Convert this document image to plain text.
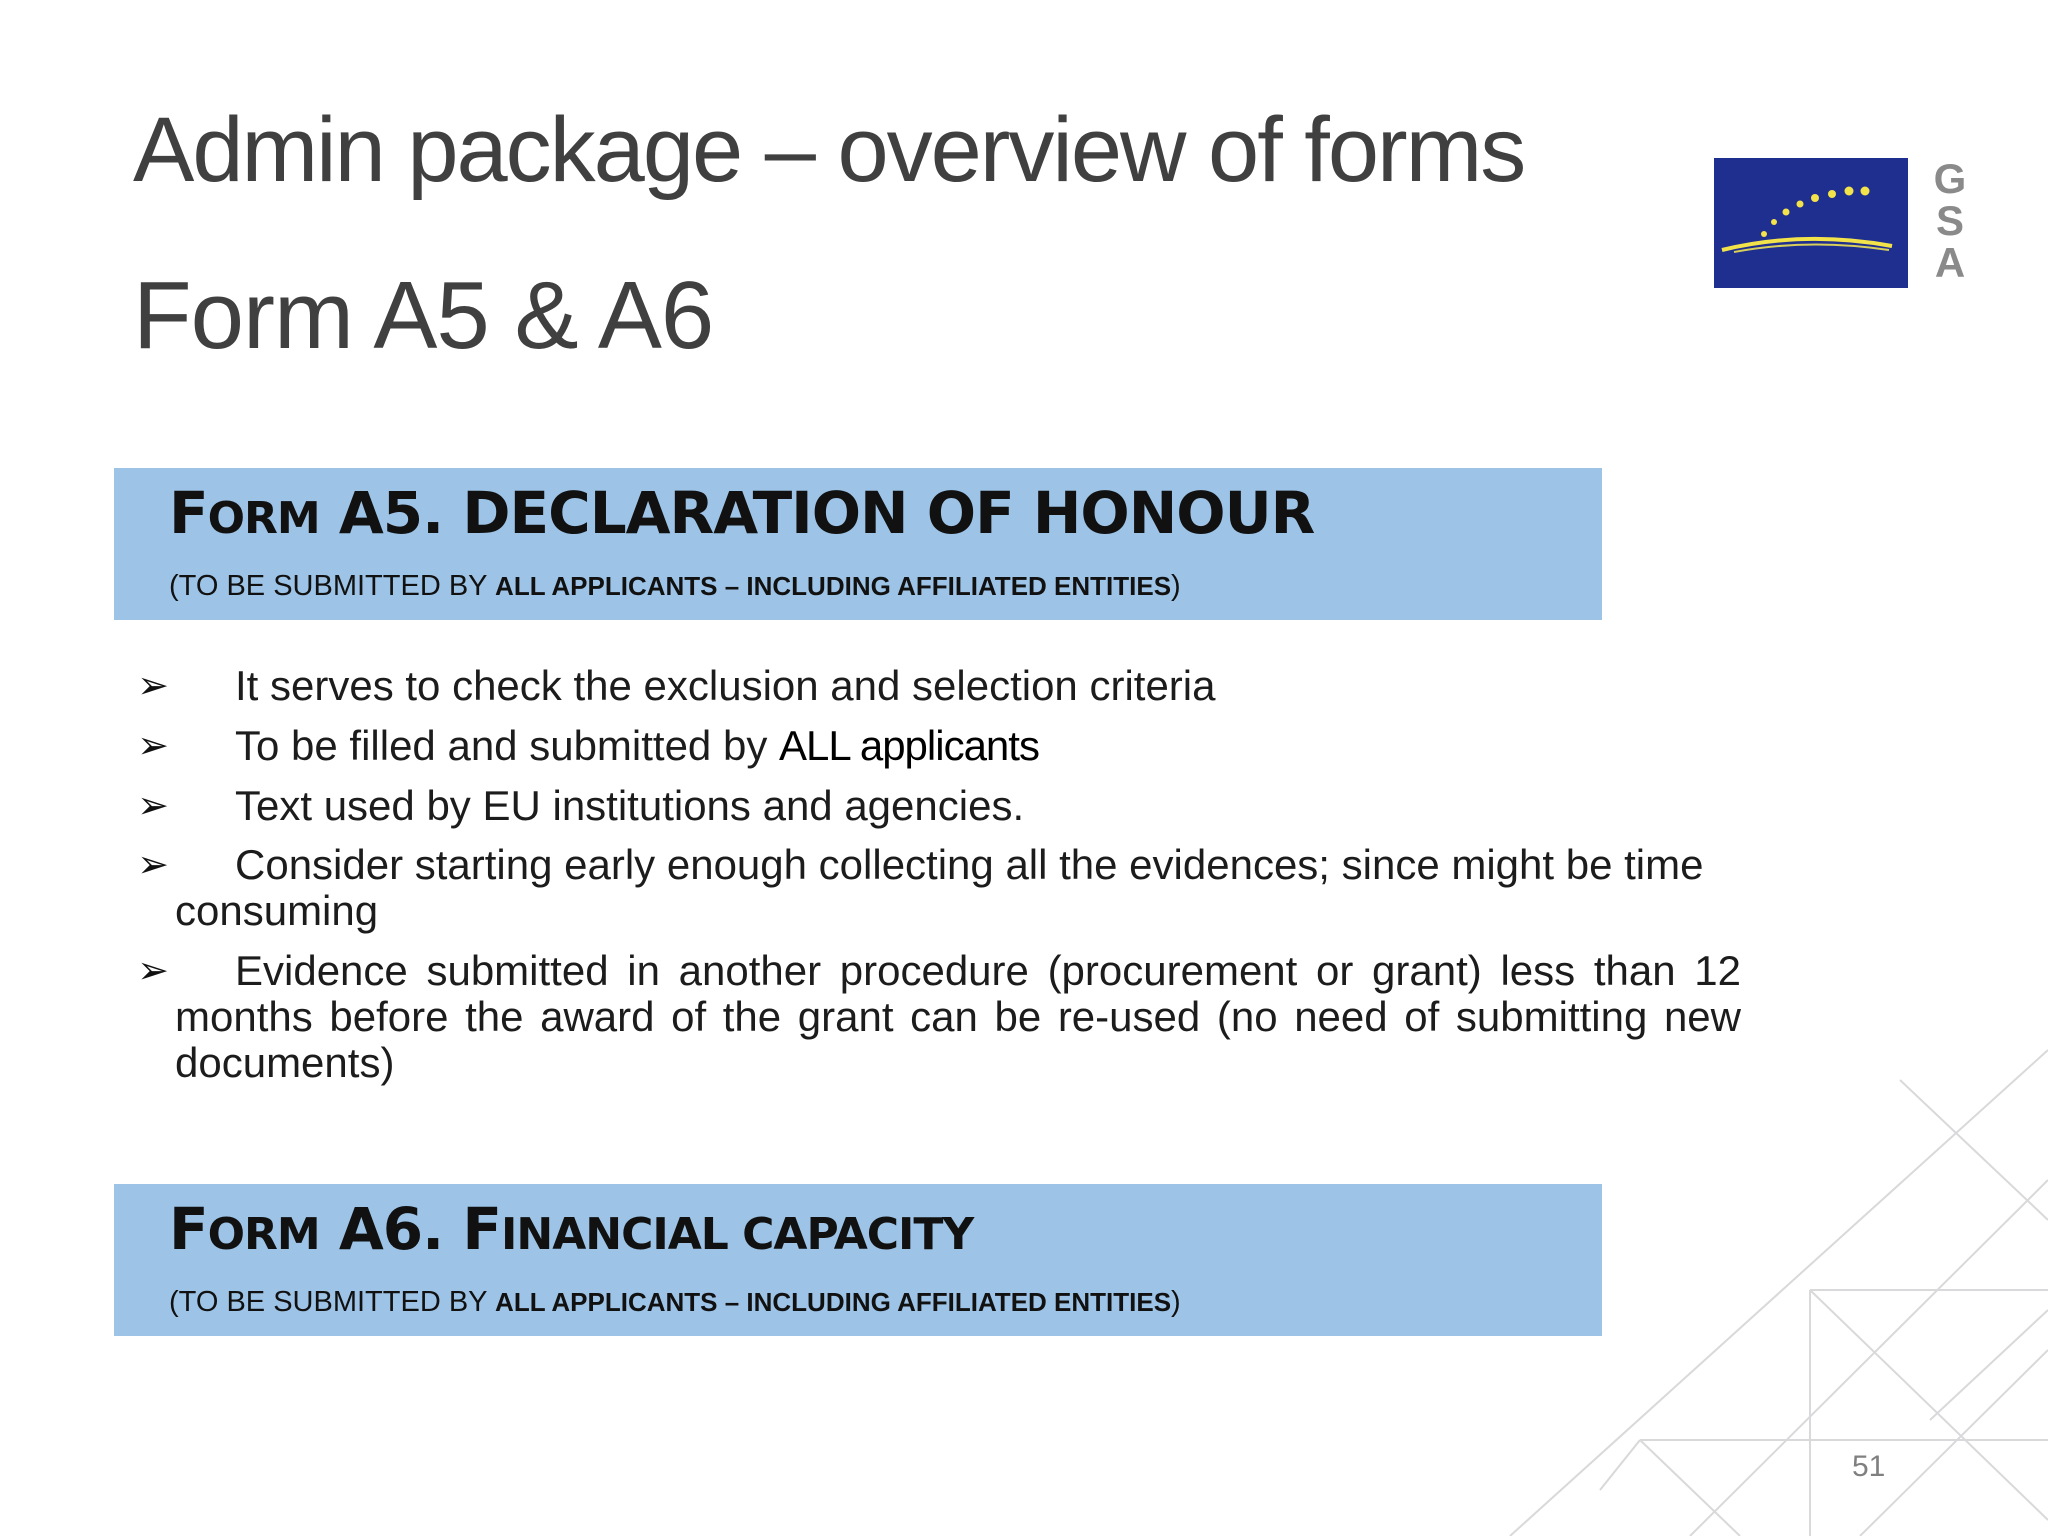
Admin package – overview of forms
Form A5 & A6
G
S
A
FORM A5. DECLARATION OF HONOUR
(TO BE SUBMITTED BY ALL APPLICANTS – INCLUDING AFFILIATED ENTITIES)
➢	It serves to check the exclusion and selection criteria
➢	To be filled and submitted by ALL applicants
➢	Text used by EU institutions and agencies.
➢	Consider starting early enough collecting all the evidences; since might be time consuming
➢	Evidence submitted in another procedure (procurement or grant) less than 12 months before the award of the grant can be re-used (no need of submitting new documents)
FORM A6. FINANCIAL CAPACITY
(TO BE SUBMITTED BY ALL APPLICANTS – INCLUDING AFFILIATED ENTITIES)
51
